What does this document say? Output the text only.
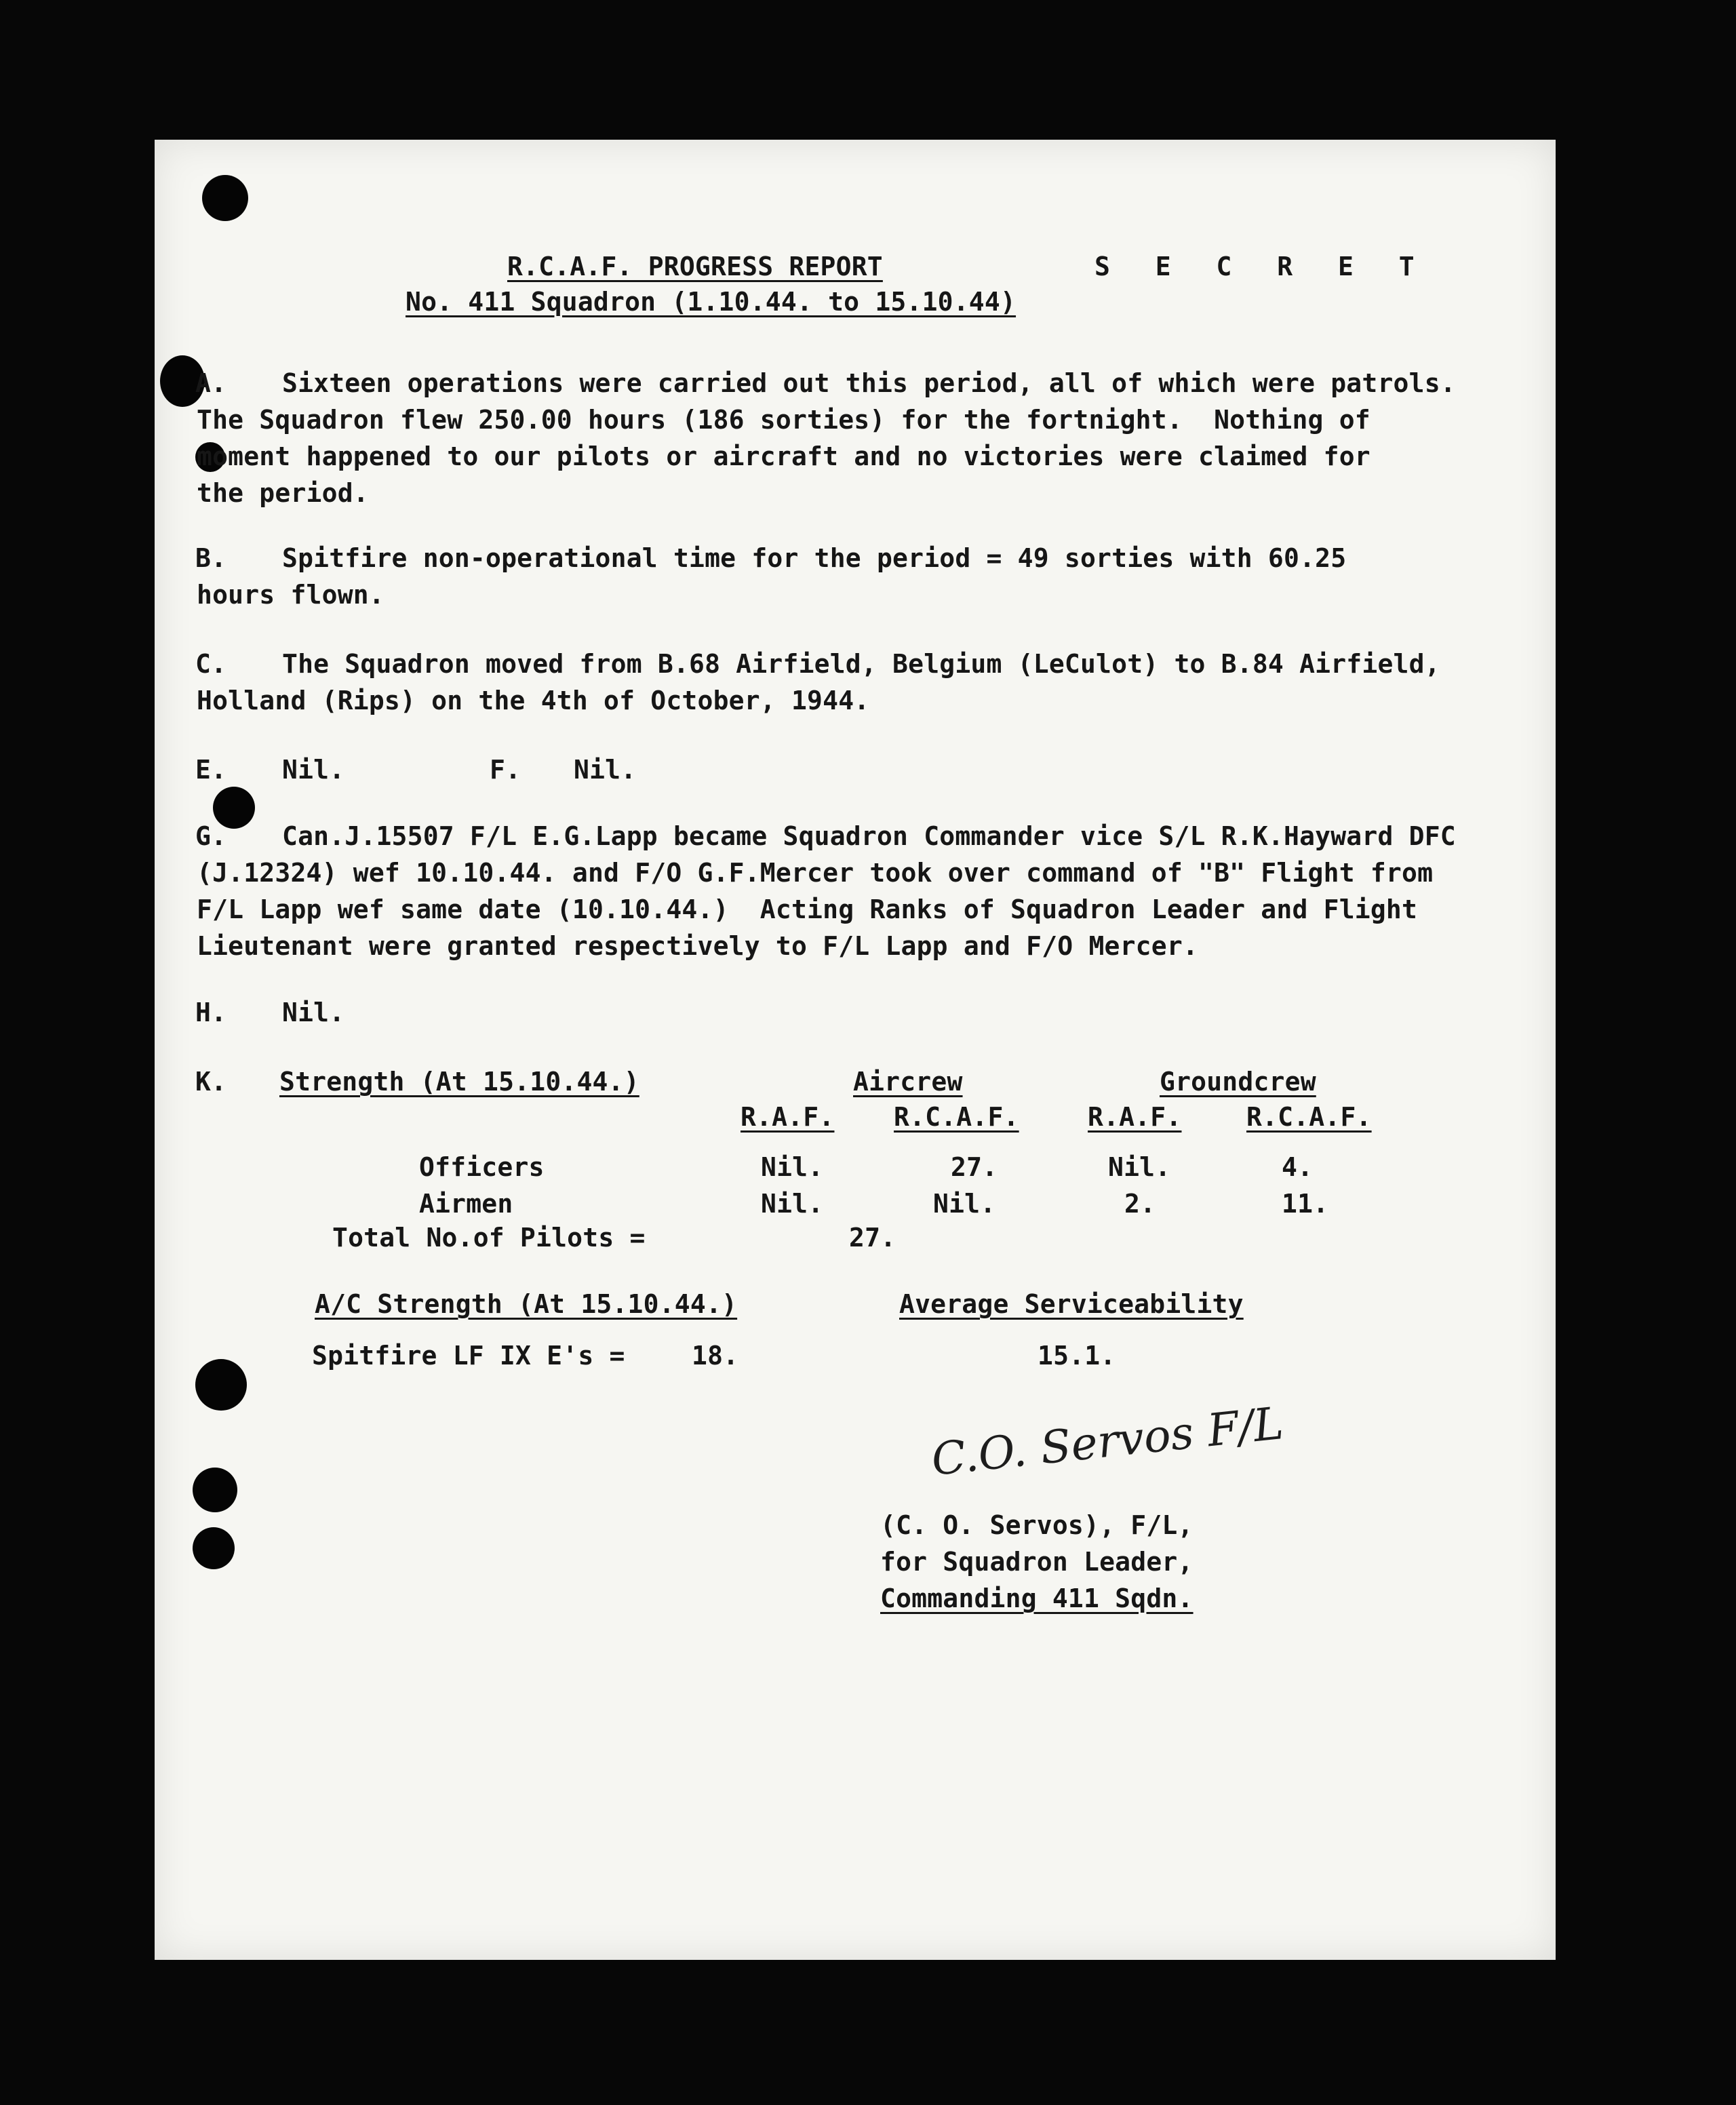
R.C.A.F. PROGRESS REPORT	S E C R E T
No. 411 Squadron (1.10.44. to 15.10.44)
A. Sixteen operations were carried out this period, all of which were patrols.
The Squadron flew 250.00 hours (186 sorties) for the fortnight.  Nothing of
moment happened to our pilots or aircraft and no victories were claimed for
the period.
B. Spitfire non-operational time for the period = 49 sorties with 60.25
hours flown.
C. The Squadron moved from B.68 Airfield, Belgium (LeCulot) to B.84 Airfield,
Holland (Rips) on the 4th of October, 1944.
E. Nil.	F. Nil.
G. Can.J.15507 F/L E.G.Lapp became Squadron Commander vice S/L R.K.Hayward DFC
(J.12324) wef 10.10.44. and F/O G.F.Mercer took over command of "B" Flight from
F/L Lapp wef same date (10.10.44.)  Acting Ranks of Squadron Leader and Flight
Lieutenant were granted respectively to F/L Lapp and F/O Mercer.
H. Nil.
K. Strength (At 15.10.44.)	Aircrew	Groundcrew
R.A.F. R.C.A.F.	R.A.F.	R.C.A.F.
Officers	Nil.	27.	Nil.	4.
Airmen	Nil.	Nil.	2.	11.
Total No.of Pilots =	27.
A/C Strength (At 15.10.44.)	Average Serviceability
Spitfire LF IX E's =	18.	15.1.
C.O. Servos F/L
(C. O. Servos), F/L,
for Squadron Leader,
Commanding 411 Sqdn.
